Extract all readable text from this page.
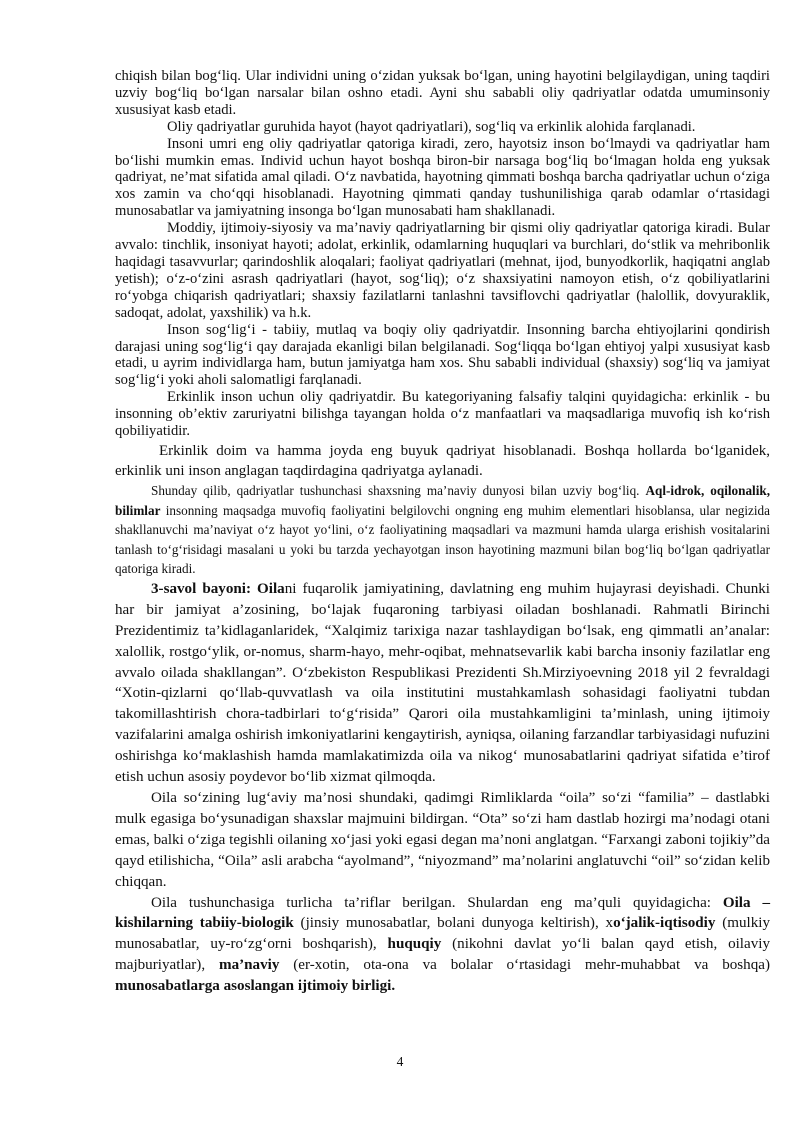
chiqish bilan bog‘liq. Ular individni uning o‘zidan yuksak bo‘lgan, uning hayotini belgilaydigan, uning taqdiri uzviy bog‘liq bo‘lgan narsalar bilan oshno etadi. Ayni shu sababli oliy qadriyatlar odatda umuminsoniy xususiyat kasb etadi.

Oliy qadriyatlar guruhida hayot (hayot qadriyatlari), sog‘liq va erkinlik alohida farqlanadi.

Insoni umri eng oliy qadriyatlar qatoriga kiradi, zero, hayotsiz inson bo‘lmaydi va qadriyatlar ham bo‘lishi mumkin emas. Individ uchun hayot boshqa biron-bir narsaga bog‘liq bo‘lmagan holda eng yuksak qadriyat, ne’mat sifatida amal qiladi. O‘z navbatida, hayotning qimmati boshqa barcha qadriyatlar uchun o‘ziga xos zamin va cho‘qqi hisoblanadi. Hayotning qimmati qanday tushunilishiga qarab odamlar o‘rtasidagi munosabatlar va jamiyatning insonga bo‘lgan munosabati ham shakllanadi.

Moddiy, ijtimoiy-siyosiy va ma’naviy qadriyatlarning bir qismi oliy qadriyatlar qatoriga kiradi. Bular avvalo: tinchlik, insoniyat hayoti; adolat, erkinlik, odamlarning huquqlari va burchlari, do‘stlik va mehribonlik haqidagi tasavvurlar; qarindoshlik aloqalari; faoliyat qadriyatlari (mehnat, ijod, bunyodkorlik, haqiqatni anglab yetish); o‘z-o‘zini asrash qadriyatlari (hayot, sog‘liq); o‘z shaxsiyatini namoyon etish, o‘z qobiliyatlarini ro‘yobga chiqarish qadriyatlari; shaxsiy fazilatlarni tanlashni tavsiflovchi qadriyatlar (halollik, dovyuraklik, sadoqat, adolat, yaxshilik) va h.k.

Inson sog‘lig‘i - tabiiy, mutlaq va boqiy oliy qadriyatdir. Insonning barcha ehtiyojlarini qondirish darajasi uning sog‘lig‘i qay darajada ekanligi bilan belgilanadi. Sog‘liqqa bo‘lgan ehtiyoj yalpi xususiyat kasb etadi, u ayrim individlarga ham, butun jamiyatga ham xos. Shu sababli individual (shaxsiy) sog‘liq va jamiyat sog‘lig‘i yoki aholi salomatligi farqlanadi.

Erkinlik inson uchun oliy qadriyatdir. Bu kategoriyaning falsafiy talqini quyidagicha: erkinlik - bu insonning ob’ektiv zaruriyatni bilishga tayangan holda o‘z manfaatlari va maqsadlariga muvofiq ish ko‘rish qobiliyatidir.

Erkinlik doim va hamma joyda eng buyuk qadriyat hisoblanadi. Boshqa hollarda bo‘lganidek, erkinlik uni inson anglagan taqdirdagina qadriyatga aylanadi.

Shunday qilib, qadriyatlar tushunchasi shaxsning ma’naviy dunyosi bilan uzviy bog‘liq. Aql-idrok, oqilonalik, bilimlar insonning maqsadga muvofiq faoliyatini belgilovchi ongning eng muhim elementlari hisoblansa, ular negizida shakllanuvchi ma’naviyat o‘z hayot yo‘lini, o‘z faoliyatining maqsadlari va mazmuni hamda ularga erishish vositalarini tanlash to‘g‘risidagi masalani u yoki bu tarzda yechayotgan inson hayotining mazmuni bilan bog‘liq bo‘lgan qadriyatlar qatoriga kiradi.

3-savol bayoni: Oilani fuqarolik jamiyatining, davlatning eng muhim hujayrasi deyishadi. Chunki har bir jamiyat a’zosining, bo‘lajak fuqaroning tarbiyasi oiladan boshlanadi. Rahmatli Birinchi Prezidentimiz ta’kidlaganlaridek, “Xalqimiz tarixiga nazar tashlaydigan bo‘lsak, eng qimmatli an’analar: xalollik, rostgo‘ylik, or-nomus, sharm-hayo, mehr-oqibat, mehnatsevarlik kabi barcha insoniy fazilatlar eng avvalo oilada shakllangan”. O‘zbekiston Respublikasi Prezidenti Sh.Mirziyoevning 2018 yil 2 fevraldagi “Xotin-qizlarni qo‘llab-quvvatlash va oila institutini mustahkamlash sohasidagi faoliyatni tubdan takomillashtirish chora-tadbirlari to‘g‘risida” Qarori oila mustahkamligini ta’minlash, uning ijtimoiy vazifalarini amalga oshirish imkoniyatlarini kengaytirish, ayniqsa, oilaning farzandlar tarbiyasidagi nufuzini oshirishga ko‘maklashish hamda mamlakatimizda oila va nikog‘ munosabatlarini qadriyat sifatida e’tirof etish uchun asosiy poydevor bo‘lib xizmat qilmoqda.

Oila so‘zining lug‘aviy ma’nosi shundaki, qadimgi Rimliklarda “oila” so‘zi “familia” – dastlabki mulk egasiga bo‘ysunadigan shaxslar majmuini bildirgan. “Ota” so‘zi ham dastlab hozirgi ma’nodagi otani emas, balki o‘ziga tegishli oilaning xo‘jasi yoki egasi degan ma’noni anglatgan. “Farxangi zaboni tojikiy”da qayd etilishicha, “Oila” asli arabcha “ayolmand”, “niyozmand” ma’nolarini anglatuvchi “oil” so‘zidan kelib chiqqan.

Oila tushunchasiga turlicha ta’riflar berilgan. Shulardan eng ma’quli quyidagicha: Oila – kishilarning tabiiy-biologik (jinsiy munosabatlar, bolani dunyoga keltirish), xo‘jalik-iqtisodiy (mulkiy munosabatlar, uy-ro‘zg‘orni boshqarish), huquqiy (nikohni davlat yo‘li balan qayd etish, oilaviy majburiyatlar), ma’naviy (er-xotin, ota-ona va bolalar o‘rtasidagi mehr-muhabbat va boshqa) munosabatlarga asoslangan ijtimoiy birligi.

4
